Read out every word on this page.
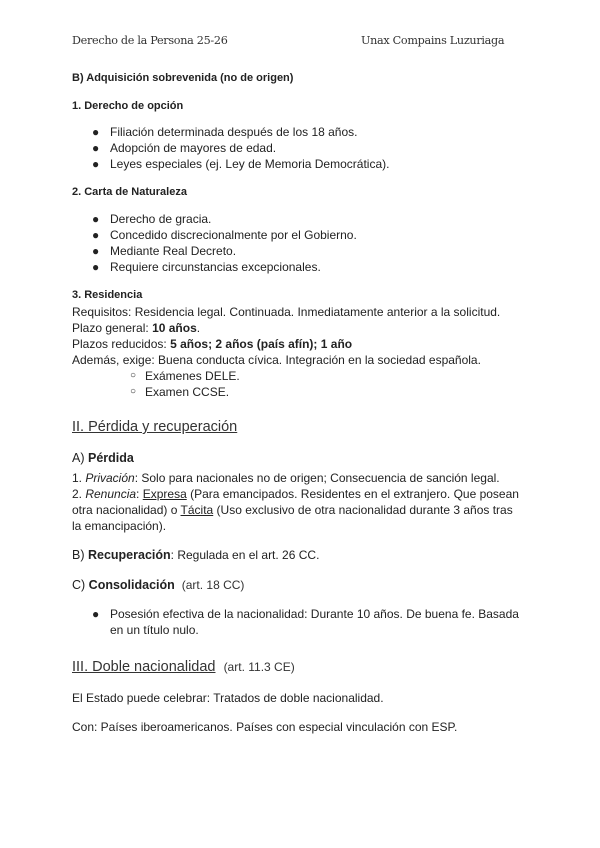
Derecho de la Persona 25-26	Unax Compains Luzuriaga
B) Adquisición sobrevenida (no de origen)
1. Derecho de opción
● Filiación determinada después de los 18 años.
● Adopción de mayores de edad.
● Leyes especiales (ej. Ley de Memoria Democrática).
2. Carta de Naturaleza
● Derecho de gracia.
● Concedido discrecionalmente por el Gobierno.
● Mediante Real Decreto.
● Requiere circunstancias excepcionales.
3. Residencia
Requisitos: Residencia legal. Continuada. Inmediatamente anterior a la solicitud.
Plazo general: 10 años.
Plazos reducidos: 5 años; 2 años (país afín); 1 año
Además, exige: Buena conducta cívica. Integración en la sociedad española.
○ Exámenes DELE.
○ Examen CCSE.
II. Pérdida y recuperación
A) Pérdida
1. Privación: Solo para nacionales no de origen; Consecuencia de sanción legal.
2. Renuncia: Expresa (Para emancipados. Residentes en el extranjero. Que posean
otra nacionalidad) o Tácita (Uso exclusivo de otra nacionalidad durante 3 años tras
la emancipación).
B) Recuperación: Regulada en el art. 26 CC.
C) Consolidación (art. 18 CC)
● Posesión efectiva de la nacionalidad: Durante 10 años. De buena fe. Basada
en un título nulo.
III. Doble nacionalidad (art. 11.3 CE)
El Estado puede celebrar: Tratados de doble nacionalidad.
Con: Países iberoamericanos. Países con especial vinculación con ESP.
